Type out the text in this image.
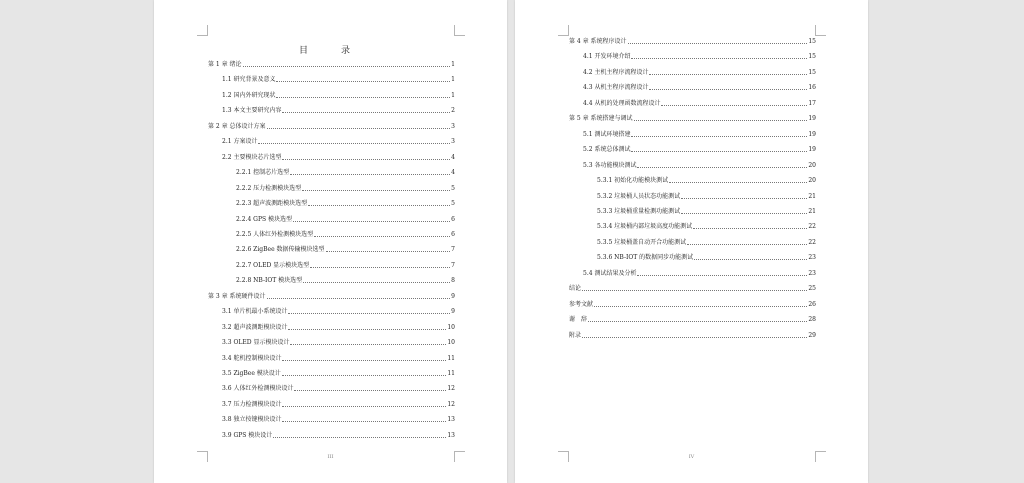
目　录
第 1 章 绪论	1
1.1 研究背景及意义	1
1.2 国内外研究现状	1
1.3 本文主要研究内容	2
第 2 章 总体设计方案	3
2.1 方案设计	3
2.2 主要模块芯片选型	4
2.2.1 控制芯片选型	4
2.2.2 压力检测模块选型	5
2.2.3 超声波测距模块选型	5
2.2.4 GPS 模块选型	6
2.2.5 人体红外检测模块选型	6
2.2.6 ZigBee 数据传输模块选型	7
2.2.7 OLED 显示模块选型	7
2.2.8 NB-IOT 模块选型	8
第 3 章 系统硬件设计	9
3.1 单片机最小系统设计	9
3.2 超声波测距模块设计	10
3.3 OLED 显示模块设计	10
3.4 舵机控制模块设计	11
3.5 ZigBee 模块设计	11
3.6 人体红外检测模块设计	12
3.7 压力检测模块设计	12
3.8 独立按键模块设计	13
3.9 GPS 模块设计	13
III
第 4 章 系统程序设计	15
4.1 开发环境介绍	15
4.2 主机主程序流程设计	15
4.3 从机主程序流程设计	16
4.4 从机的处理函数流程设计	17
第 5 章 系统搭建与调试	19
5.1 测试环境搭建	19
5.2 系统总体测试	19
5.3 各功能模块测试	20
5.3.1 初始化功能模块测试	20
5.3.2 垃圾桶人员状态功能测试	21
5.3.3 垃圾桶重量检测功能测试	21
5.3.4 垃圾桶内部垃圾高度功能测试	22
5.3.5 垃圾桶盖自动开合功能测试	22
5.3.6 NB-IOT 的数据同步功能测试	23
5.4 测试结果及分析	23
结论	25
参考文献	26
谢　辞	28
附录	29
IV
